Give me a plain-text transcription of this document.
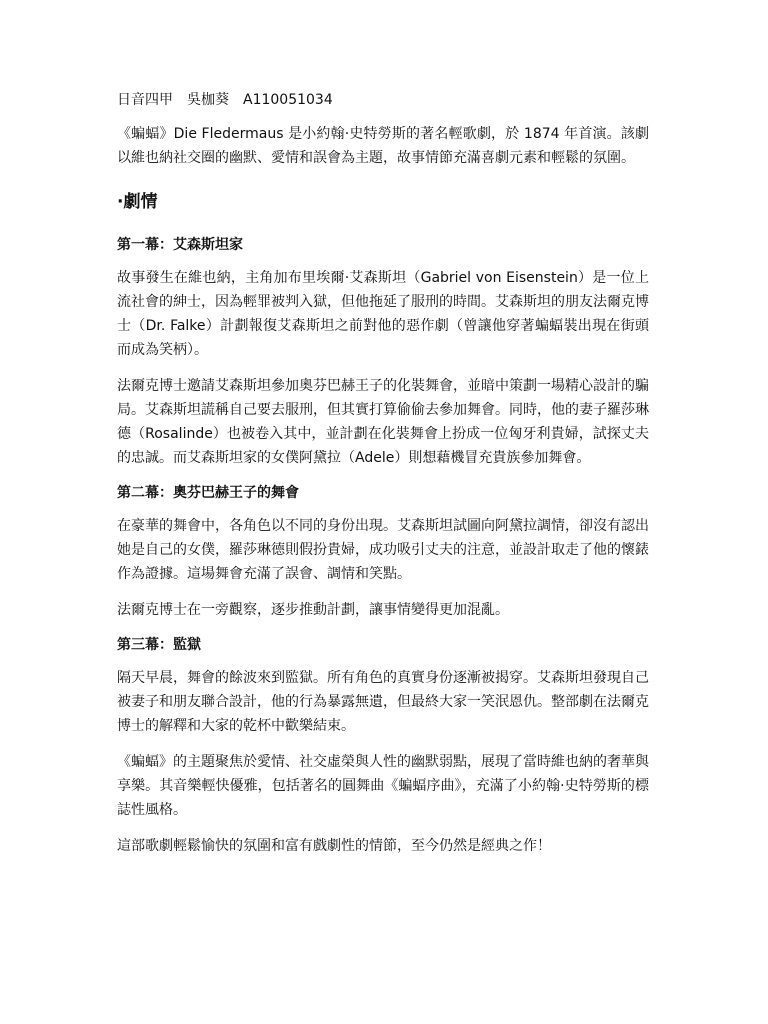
日音四甲　吳枷葵　A110051034

《蝙蝠》Die Fledermaus 是小約翰·史特勞斯的著名輕歌劇，於 1874 年首演。該劇以維也納社交圈的幽默、愛情和誤會為主題，故事情節充滿喜劇元素和輕鬆的氛圍。

·劇情
第一幕：艾森斯坦家

故事發生在維也納，主角加布里埃爾·艾森斯坦（Gabriel von Eisenstein）是一位上流社會的紳士，因為輕罪被判入獄，但他拖延了服刑的時間。艾森斯坦的朋友法爾克博士（Dr. Falke）計劃報復艾森斯坦之前對他的惡作劇（曾讓他穿著蝙蝠裝出現在街頭而成為笑柄）。

法爾克博士邀請艾森斯坦參加奧芬巴赫王子的化裝舞會，並暗中策劃一場精心設計的騙局。艾森斯坦謊稱自己要去服刑，但其實打算偷偷去參加舞會。同時，他的妻子羅莎琳德（Rosalinde）也被卷入其中，並計劃在化裝舞會上扮成一位匈牙利貴婦，試探丈夫的忠誠。而艾森斯坦家的女僕阿黛拉（Adele）則想藉機冒充貴族參加舞會。

第二幕：奧芬巴赫王子的舞會

在豪華的舞會中，各角色以不同的身份出現。艾森斯坦試圖向阿黛拉調情，卻沒有認出她是自己的女僕，羅莎琳德則假扮貴婦，成功吸引丈夫的注意，並設計取走了他的懷錶作為證據。這場舞會充滿了誤會、調情和笑點。

法爾克博士在一旁觀察，逐步推動計劃，讓事情變得更加混亂。

第三幕：監獄

隔天早晨，舞會的餘波來到監獄。所有角色的真實身份逐漸被揭穿。艾森斯坦發現自己被妻子和朋友聯合設計，他的行為暴露無遺，但最終大家一笑泯恩仇。整部劇在法爾克博士的解釋和大家的乾杯中歡樂結束。

《蝙蝠》的主題聚焦於愛情、社交虛榮與人性的幽默弱點，展現了當時維也納的奢華與享樂。其音樂輕快優雅，包括著名的圓舞曲《蝙蝠序曲》，充滿了小約翰·史特勞斯的標誌性風格。

這部歌劇輕鬆愉快的氛圍和富有戲劇性的情節，至今仍然是經典之作！
